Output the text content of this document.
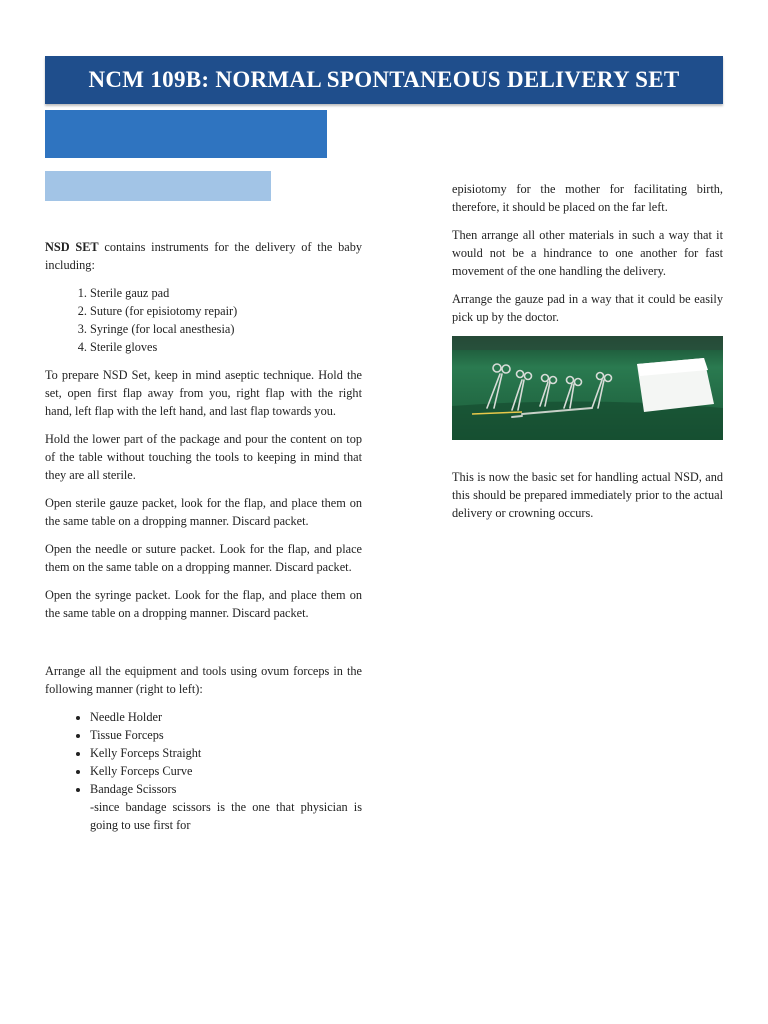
NCM 109B: NORMAL SPONTANEOUS DELIVERY SET

NSD SET contains instruments for the delivery of the baby including:

1. Sterile gauz pad
2. Suture (for episiotomy repair)
3. Syringe (for local anesthesia)
4. Sterile gloves

To prepare NSD Set, keep in mind aseptic technique. Hold the set, open first flap away from you, right flap with the right hand, left flap with the left hand, and last flap towards you.

Hold the lower part of the package and pour the content on top of the table without touching the tools to keeping in mind that they are all sterile.

Open sterile gauze packet, look for the flap, and place them on the same table on a dropping manner. Discard packet.

Open the needle or suture packet. Look for the flap, and place them on the same table on a dropping manner. Discard packet.

Open the syringe packet. Look for the flap, and place them on the same table on a dropping manner. Discard packet.

Arrange all the equipment and tools using ovum forceps in the following manner (right to left):

• Needle Holder
• Tissue Forceps
• Kelly Forceps Straight
• Kelly Forceps Curve
• Bandage Scissors
-since bandage scissors is the one that physician is going to use first for

episiotomy for the mother for facilitating birth, therefore, it should be placed on the far left.

Then arrange all other materials in such a way that it would not be a hindrance to one another for fast movement of the one handling the delivery.

Arrange the gauze pad in a way that it could be easily pick up by the doctor.

This is now the basic set for handling actual NSD, and this should be prepared immediately prior to the actual delivery or crowning occurs.
